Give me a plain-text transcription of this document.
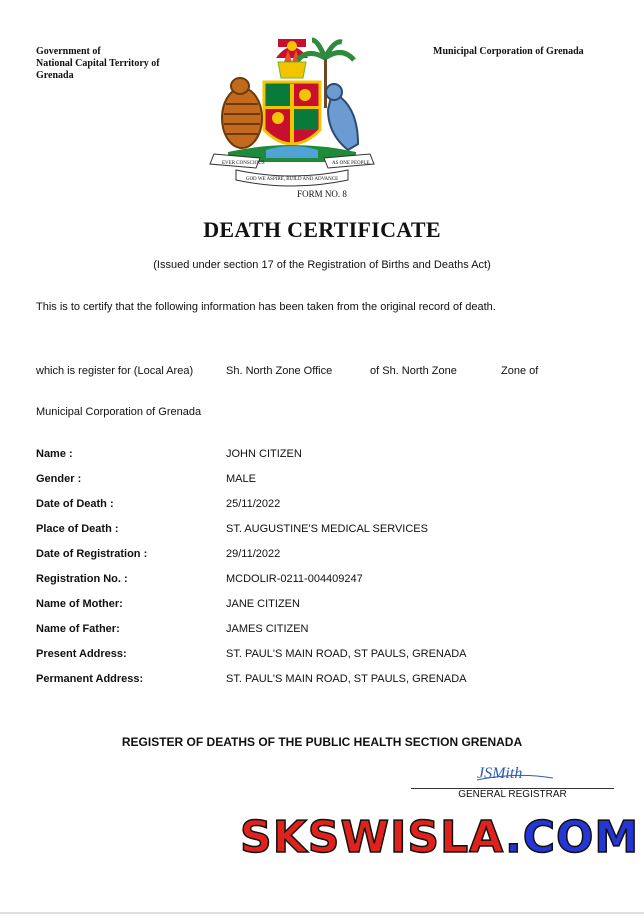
Government of
National Capital Territory of
Grenada
Municipal Corporation of Grenada
EVER CONSCIOUS	AS ONE PEOPLE
GOD WE ASPIRE, BUILD AND ADVANCE
FORM NO. 8
DEATH CERTIFICATE
(Issued under section 17 of the Registration of Births and Deaths Act)
This is to certify that the following information has been taken from the original record of death.
which is register for (Local Area)	Sh. North Zone Office	of Sh. North Zone	Zone of
Municipal Corporation of Grenada
Name :	JOHN CITIZEN
Gender :	MALE
Date of Death :	25/11/2022
Place of Death :	ST. AUGUSTINE'S MEDICAL SERVICES
Date of Registration :	29/11/2022
Registration No. :	MCDOLIR-0211-004409247
Name of Mother:	JANE CITIZEN
Name of Father:	JAMES CITIZEN
Present Address:	ST. PAUL'S MAIN ROAD, ST PAULS, GRENADA
Permanent Address:	ST. PAUL'S MAIN ROAD, ST PAULS, GRENADA
REGISTER OF DEATHS OF THE PUBLIC HEALTH SECTION GRENADA
JSMith
GENERAL REGISTRAR
SKSWISLA.COM
